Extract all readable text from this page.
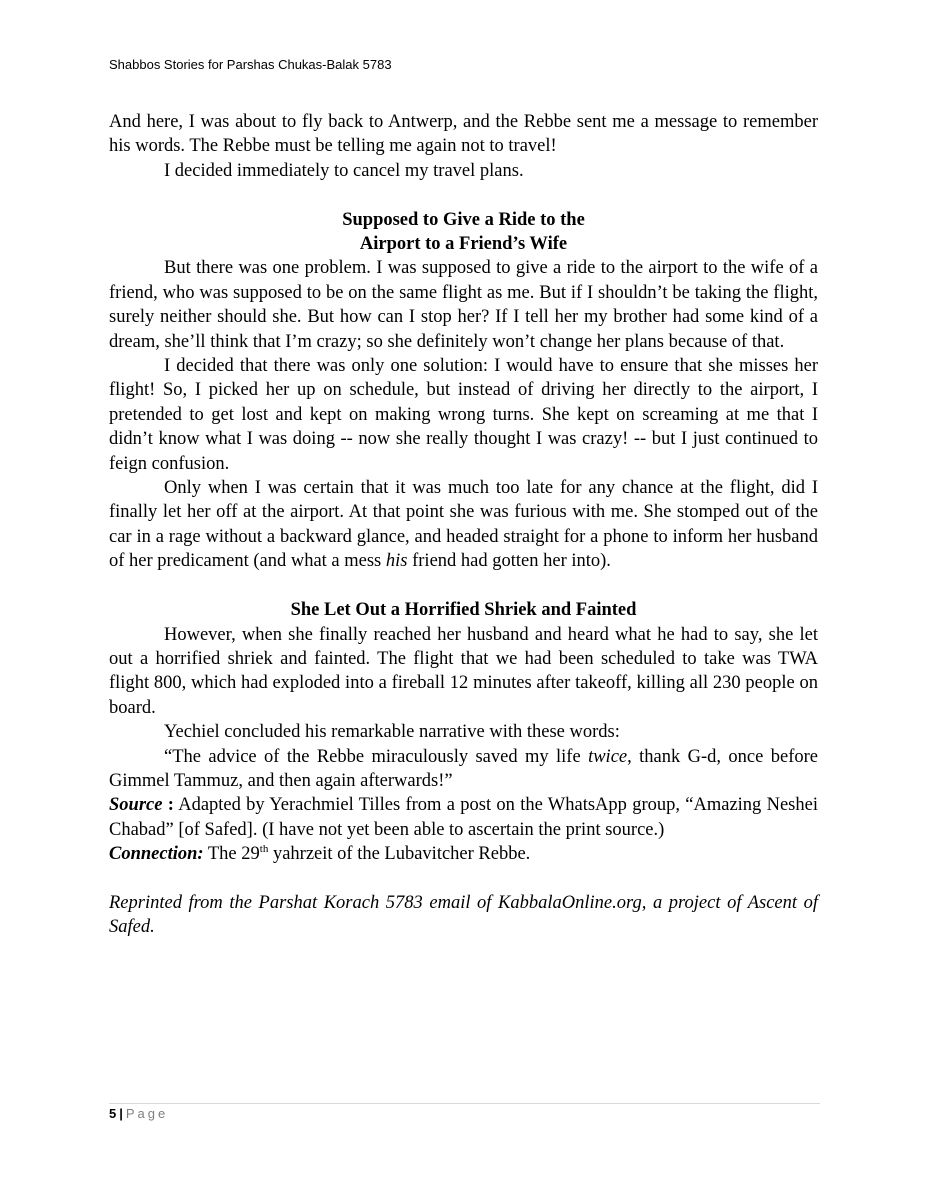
Shabbos Stories for Parshas Chukas-Balak 5783

And here, I was about to fly back to Antwerp, and the Rebbe sent me a message to remember his words. The Rebbe must be telling me again not to travel!

I decided immediately to cancel my travel plans.

Supposed to Give a Ride to the
Airport to a Friend’s Wife

But there was one problem. I was supposed to give a ride to the airport to the wife of a friend, who was supposed to be on the same flight as me. But if I shouldn’t be taking the flight, surely neither should she. But how can I stop her? If I tell her my brother had some kind of a dream, she’ll think that I’m crazy; so she definitely won’t change her plans because of that.

I decided that there was only one solution: I would have to ensure that she misses her flight! So, I picked her up on schedule, but instead of driving her directly to the airport, I pretended to get lost and kept on making wrong turns. She kept on screaming at me that I didn’t know what I was doing -- now she really thought I was crazy! -- but I just continued to feign confusion.

Only when I was certain that it was much too late for any chance at the flight, did I finally let her off at the airport. At that point she was furious with me. She stomped out of the car in a rage without a backward glance, and headed straight for a phone to inform her husband of her predicament (and what a mess his friend had gotten her into).

She Let Out a Horrified Shriek and Fainted

However, when she finally reached her husband and heard what he had to say, she let out a horrified shriek and fainted. The flight that we had been scheduled to take was TWA flight 800, which had exploded into a fireball 12 minutes after takeoff, killing all 230 people on board.

Yechiel concluded his remarkable narrative with these words:

“The advice of the Rebbe miraculously saved my life twice, thank G-d, once before Gimmel Tammuz, and then again afterwards!”

Source : Adapted by Yerachmiel Tilles from a post on the WhatsApp group, “Amazing Neshei Chabad” [of Safed]. (I have not yet been able to ascertain the print source.)

Connection: The 29th yahrzeit of the Lubavitcher Rebbe.

Reprinted from the Parshat Korach 5783 email of KabbalaOnline.org, a project of Ascent of Safed.

5 | Page
